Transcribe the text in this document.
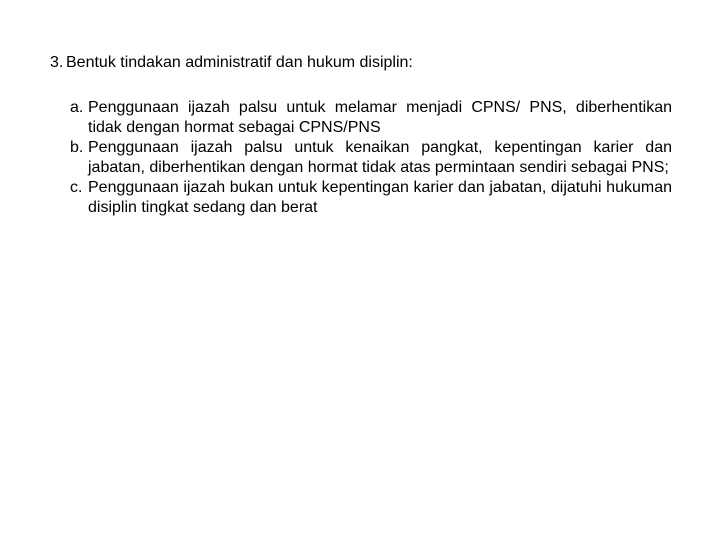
3. Bentuk tindakan administratif dan hukum disiplin:
a. Penggunaan ijazah palsu untuk melamar menjadi CPNS/ PNS, diberhentikan tidak dengan hormat sebagai CPNS/PNS
b. Penggunaan ijazah palsu untuk kenaikan pangkat, kepentingan karier dan jabatan, diberhentikan dengan hormat tidak atas permintaan sendiri sebagai PNS;
c. Penggunaan ijazah bukan untuk kepentingan karier dan jabatan, dijatuhi hukuman disiplin tingkat sedang dan berat
